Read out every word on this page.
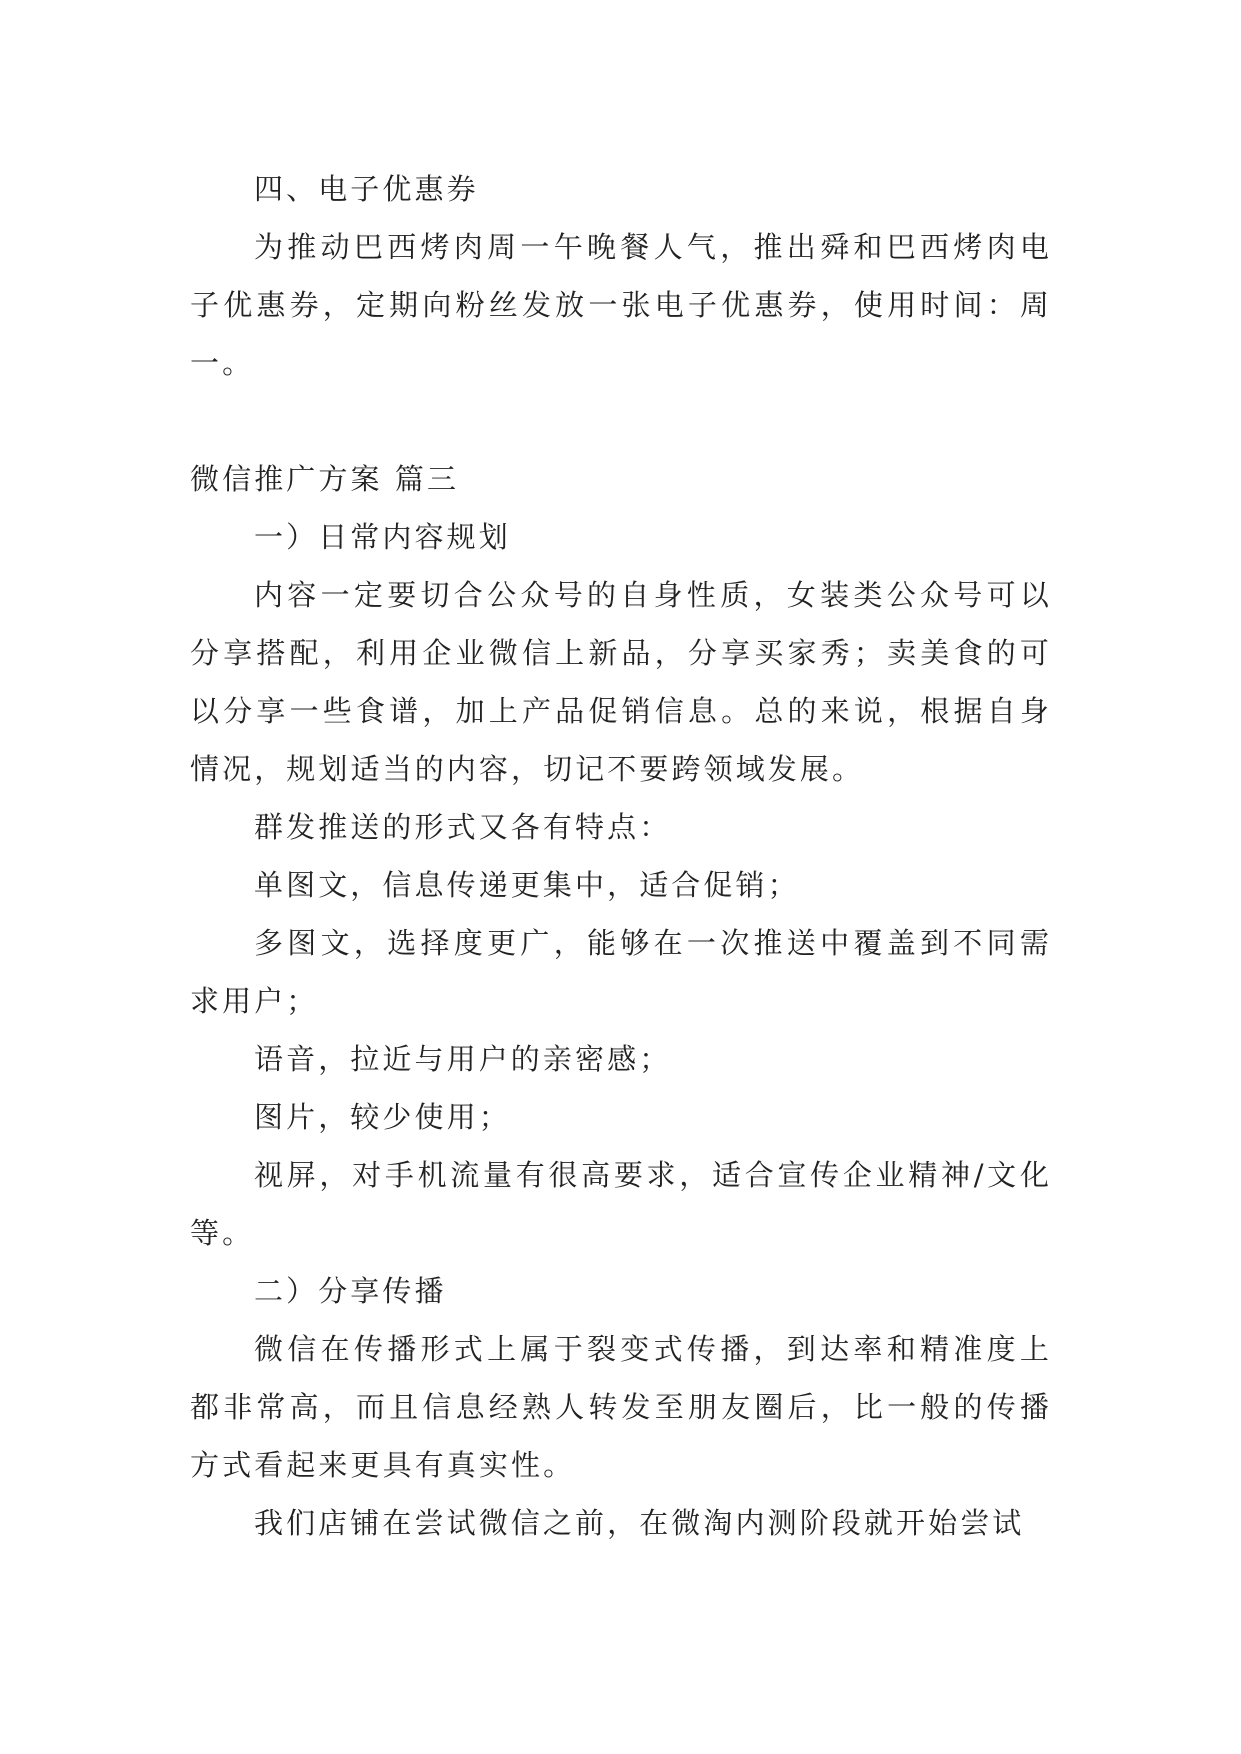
四、电子优惠券

为推动巴西烤肉周一午晚餐人气，推出舜和巴西烤肉电子优惠券，定期向粉丝发放一张电子优惠券，使用时间：周一。

微信推广方案 篇三

一）日常内容规划

内容一定要切合公众号的自身性质，女装类公众号可以分享搭配，利用企业微信上新品，分享买家秀；卖美食的可以分享一些食谱，加上产品促销信息。总的来说，根据自身情况，规划适当的内容，切记不要跨领域发展。

群发推送的形式又各有特点：

单图文，信息传递更集中，适合促销；

多图文，选择度更广，能够在一次推送中覆盖到不同需求用户；

语音，拉近与用户的亲密感；

图片，较少使用；

视屏，对手机流量有很高要求，适合宣传企业精神/文化等。

二）分享传播

微信在传播形式上属于裂变式传播，到达率和精准度上都非常高，而且信息经熟人转发至朋友圈后，比一般的传播方式看起来更具有真实性。

我们店铺在尝试微信之前，在微淘内测阶段就开始尝试
